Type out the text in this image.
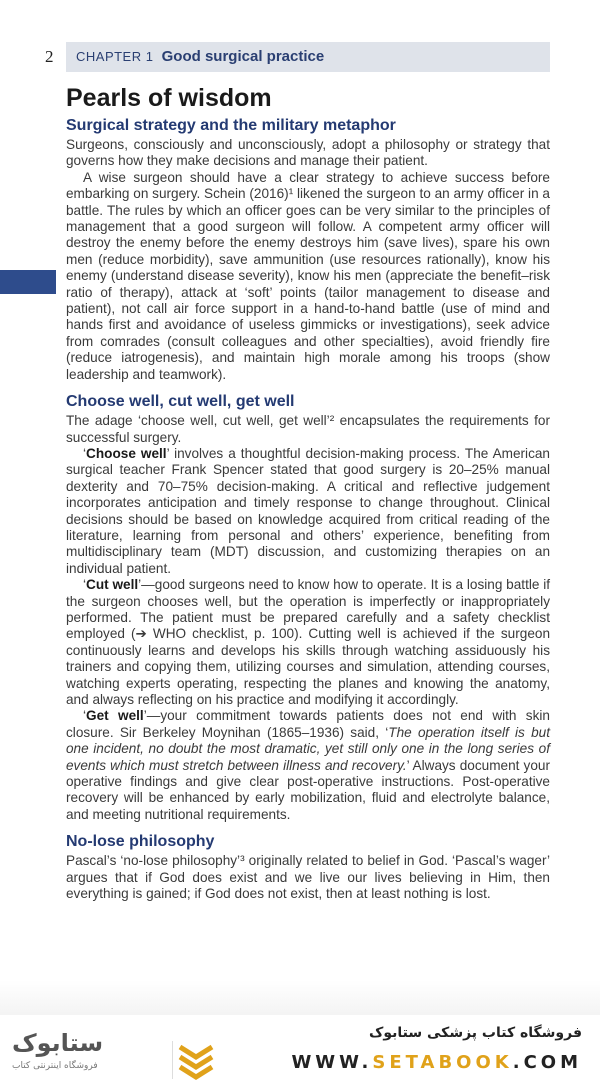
2 CHAPTER 1 Good surgical practice
Pearls of wisdom
Surgical strategy and the military metaphor

Surgeons, consciously and unconsciously, adopt a philosophy or strategy that governs how they make decisions and manage their patient.

A wise surgeon should have a clear strategy to achieve success before embarking on surgery. Schein (2016)¹ likened the surgeon to an army officer in a battle. The rules by which an officer goes can be very similar to the principles of management that a good surgeon will follow. A competent army officer will destroy the enemy before the enemy destroys him (save lives), spare his own men (reduce morbidity), save ammunition (use resources rationally), know his enemy (understand disease severity), know his men (appreciate the benefit–risk ratio of therapy), attack at ‘soft’ points (tailor management to disease and patient), not call air force support in a hand-to-hand battle (use of mind and hands first and avoidance of useless gimmicks or investigations), seek advice from comrades (consult colleagues and other specialties), avoid friendly fire (reduce iatrogenesis), and maintain high morale among his troops (show leadership and teamwork).

Choose well, cut well, get well

The adage ‘choose well, cut well, get well’² encapsulates the requirements for successful surgery.

‘Choose well’ involves a thoughtful decision-making process. The American surgical teacher Frank Spencer stated that good surgery is 20–25% manual dexterity and 70–75% decision-making. A critical and reflective judgement incorporates anticipation and timely response to change throughout. Clinical decisions should be based on knowledge acquired from critical reading of the literature, learning from personal and others’ experience, benefiting from multidisciplinary team (MDT) discussion, and customizing therapies on an individual patient.

‘Cut well’—good surgeons need to know how to operate. It is a losing battle if the surgeon chooses well, but the operation is imperfectly or inappropriately performed. The patient must be prepared carefully and a safety checklist employed (➔ WHO checklist, p. 100). Cutting well is achieved if the surgeon continuously learns and develops his skills through watching assiduously his trainers and copying them, utilizing courses and simulation, attending courses, watching experts operating, respecting the planes and knowing the anatomy, and always reflecting on his practice and modifying it accordingly.

‘Get well’—your commitment towards patients does not end with skin closure. Sir Berkeley Moynihan (1865–1936) said, ‘The operation itself is but one incident, no doubt the most dramatic, yet still only one in the long series of events which must stretch between illness and recovery.’ Always document your operative findings and give clear post-operative instructions. Post-operative recovery will be enhanced by early mobilization, fluid and electrolyte balance, and meeting nutritional requirements.

No-lose philosophy

Pascal’s ‘no-lose philosophy’³ originally related to belief in God. ‘Pascal’s wager’ argues that if God does exist and we live our lives believing in Him, then everything is gained; if God does not exist, then at least nothing is lost.

ستابوک
فروشگاه اینترنتی کتاب
فروشگاه کتاب پزشکی ستابوک
WWW.SETABOOK.COM
